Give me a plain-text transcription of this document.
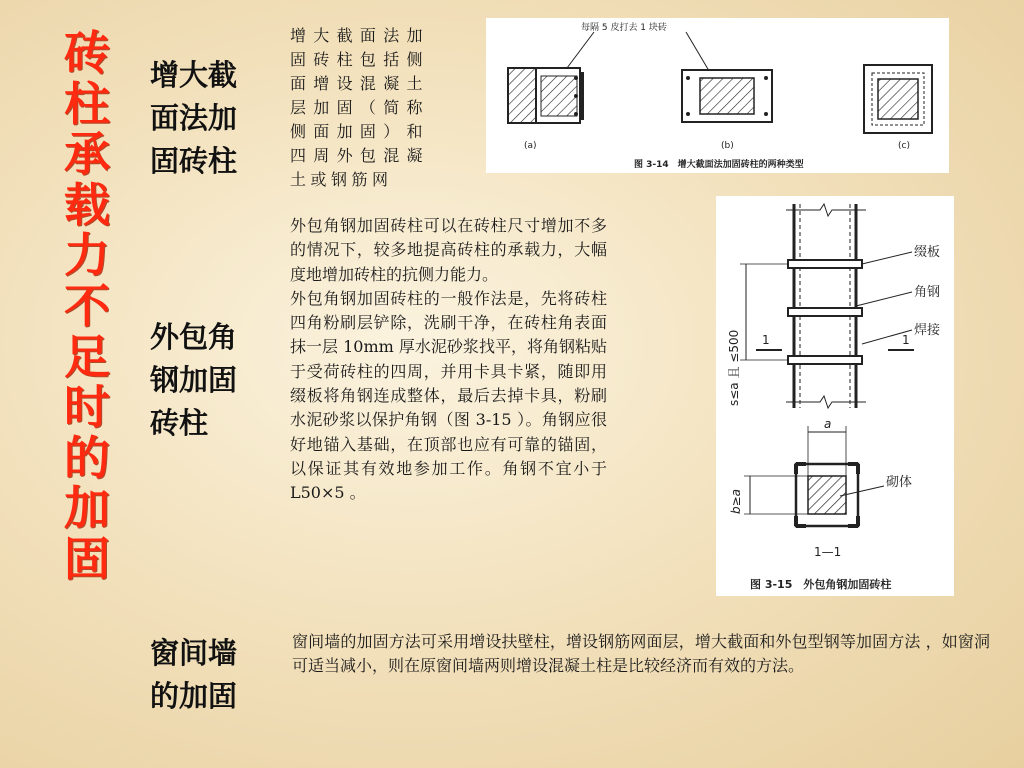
砖
柱
承
载
力
不
足
时
的
加
固
增大截
面法加
固砖柱
增大截面法加固砖柱包括侧面增设混凝土层加固（简称侧面加固）和四周外包混凝土或钢筋网
每隔 5 皮打去 1 块砖
(a)	(b)	(c)
图 3-14　增大截面法加固砖柱的两种类型
外包角
钢加固
砖柱

外包角钢加固砖柱可以在砖柱尺寸增加不多的情况下，较多地提高砖柱的承载力，大幅度地增加砖柱的抗侧力能力。

外包角钢加固砖柱的一般作法是，先将砖柱四角粉刷层铲除，洗刷干净，在砖柱角表面抹一层 10mm 厚水泥砂浆找平，将角钢粘贴于受荷砖柱的四周，并用卡具卡紧，随即用缀板将角钢连成整体，最后去掉卡具，粉刷水泥砂浆以保护角钢（图 3-15 ）。角钢应很好地锚入基础，在顶部也应有可靠的锚固，以保证其有效地参加工作。角钢不宜小于 L50×5 。

缀板
角钢
焊接
1	1
s≤a 且 ≤500
a
b≥a
砌体
1—1
图 3-15　外包角钢加固砖柱
窗间墙
的加固
窗间墙的加固方法可采用增设扶壁柱，增设钢筋网面层，增大截面和外包型钢等加固方法 ，如窗洞可适当减小，则在原窗间墙两则增设混凝土柱是比较经济而有效的方法。
